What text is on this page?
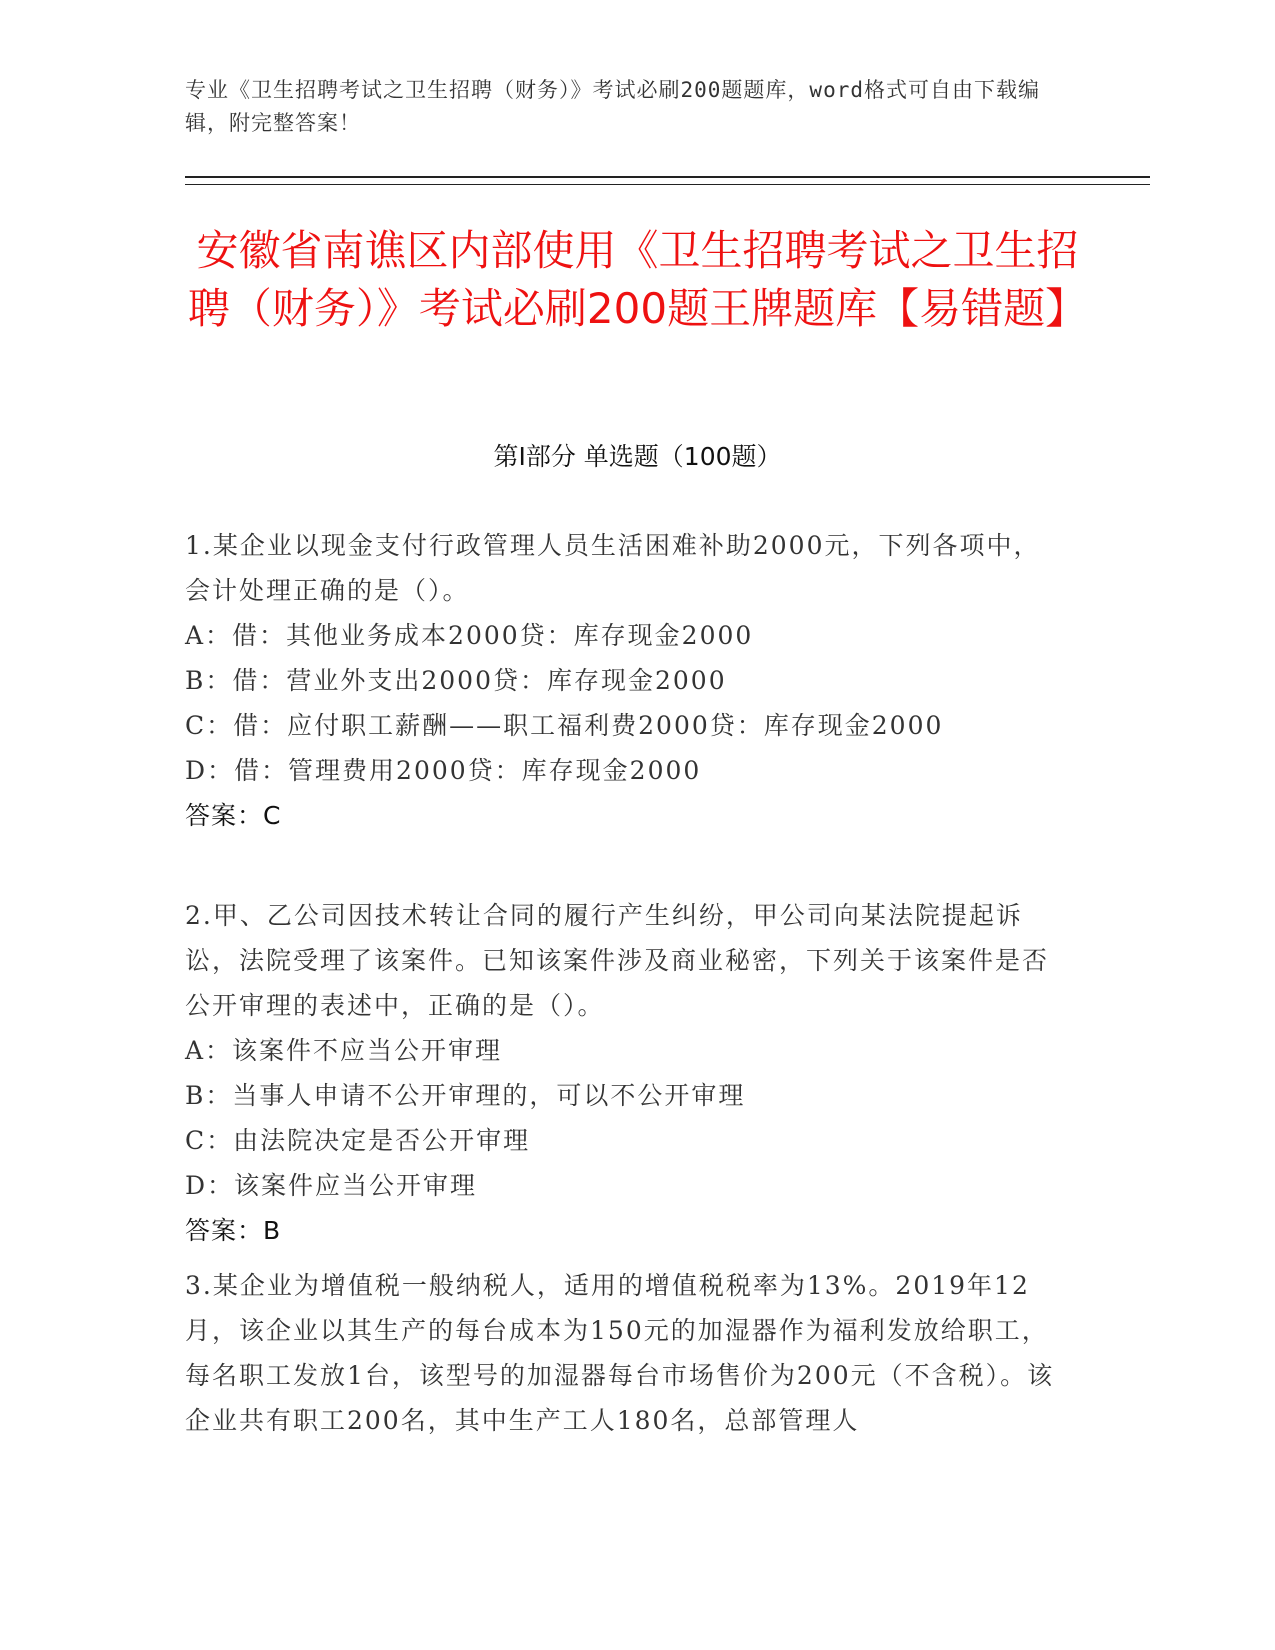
专业《卫生招聘考试之卫生招聘（财务）》考试必刷200题题库，word格式可自由下载编辑，附完整答案！
安徽省南谯区内部使用《卫生招聘考试之卫生招聘（财务）》考试必刷200题王牌题库【易错题】
第I部分 单选题（100题）
1.某企业以现金支付行政管理人员生活困难补助2000元，下列各项中，会计处理正确的是（）。
A：借：其他业务成本2000贷：库存现金2000
B：借：营业外支出2000贷：库存现金2000
C：借：应付职工薪酬——职工福利费2000贷：库存现金2000
D：借：管理费用2000贷：库存现金2000
答案：C
2.甲、乙公司因技术转让合同的履行产生纠纷，甲公司向某法院提起诉讼，法院受理了该案件。已知该案件涉及商业秘密，下列关于该案件是否公开审理的表述中，正确的是（）。
A：该案件不应当公开审理
B：当事人申请不公开审理的，可以不公开审理
C：由法院决定是否公开审理
D：该案件应当公开审理
答案：B
3.某企业为增值税一般纳税人，适用的增值税税率为13%。2019年12月，该企业以其生产的每台成本为150元的加湿器作为福利发放给职工，每名职工发放1台，该型号的加湿器每台市场售价为200元（不含税）。该企业共有职工200名，其中生产工人180名，总部管理人
